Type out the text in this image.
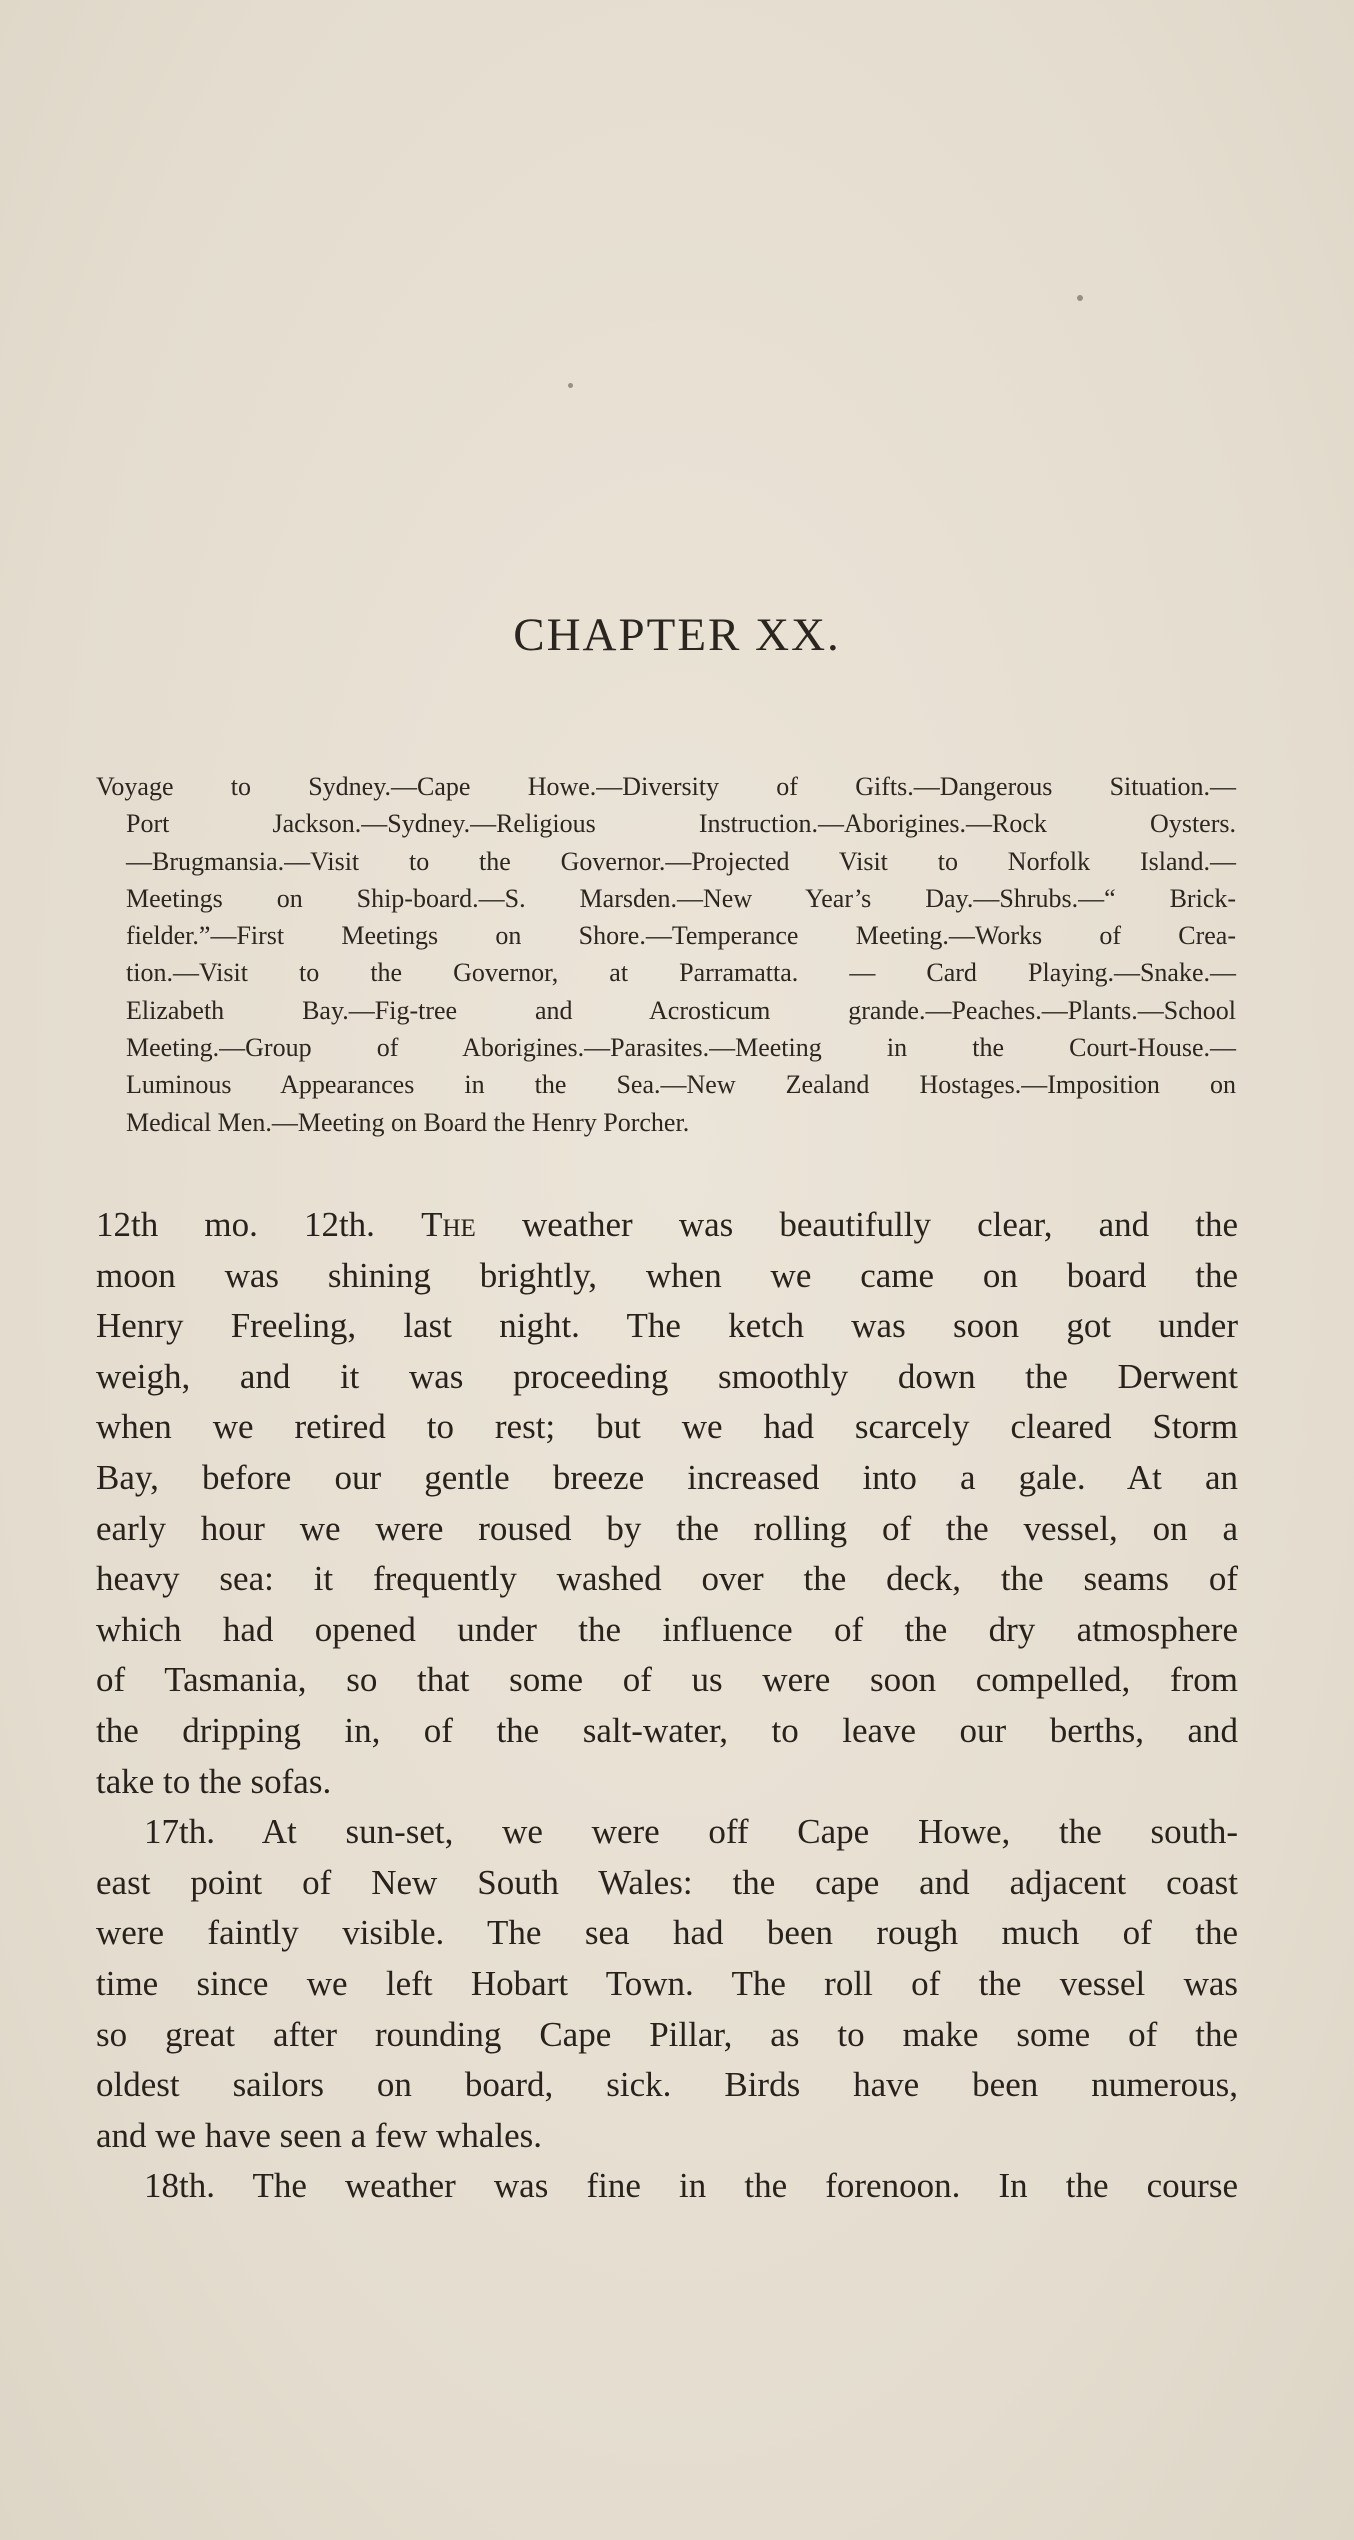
CHAPTER XX.
Voyage to Sydney.—Cape Howe.—Diversity of Gifts.—Dangerous Situation.—
Port Jackson.—Sydney.—Religious Instruction.—Aborigines.—Rock Oysters.
—Brugmansia.—Visit to the Governor.—Projected Visit to Norfolk Island.—
Meetings on Ship-board.—S. Marsden.—New Year’s Day.—Shrubs.—“ Brick-
fielder.”—First Meetings on Shore.—Temperance Meeting.—Works of Crea-
tion.—Visit to the Governor, at Parramatta. — Card Playing.—Snake.—
Elizabeth Bay.—Fig-tree and Acrosticum grande.—Peaches.—Plants.—School
Meeting.—Group of Aborigines.—Parasites.—Meeting in the Court-House.—
Luminous Appearances in the Sea.—New Zealand Hostages.—Imposition on
Medical Men.—Meeting on Board the Henry Porcher.
12th mo. 12th. The weather was beautifully clear, and the
moon was shining brightly, when we came on board the
Henry Freeling, last night. The ketch was soon got under
weigh, and it was proceeding smoothly down the Derwent
when we retired to rest; but we had scarcely cleared Storm
Bay, before our gentle breeze increased into a gale. At an
early hour we were roused by the rolling of the vessel, on a
heavy sea: it frequently washed over the deck, the seams of
which had opened under the influence of the dry atmosphere
of Tasmania, so that some of us were soon compelled, from
the dripping in, of the salt-water, to leave our berths, and
take to the sofas.
17th. At sun-set, we were off Cape Howe, the south-
east point of New South Wales: the cape and adjacent coast
were faintly visible. The sea had been rough much of the
time since we left Hobart Town. The roll of the vessel was
so great after rounding Cape Pillar, as to make some of the
oldest sailors on board, sick. Birds have been numerous,
and we have seen a few whales.
18th. The weather was fine in the forenoon. In the course
